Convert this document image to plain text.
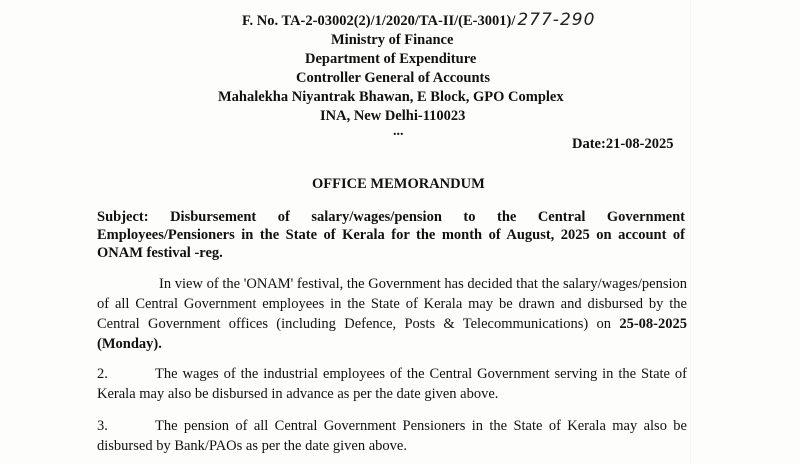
F. No. TA-2-03002(2)/1/2020/TA-II/(E-3001)/ 277-290
Ministry of Finance
Department of Expenditure
Controller General of Accounts
Mahalekha Niyantrak Bhawan, E Block, GPO Complex
INA, New Delhi-110023
...
Date:21-08-2025
OFFICE MEMORANDUM
Subject: Disbursement of salary/wages/pension to the Central Government Employees/Pensioners in the State of Kerala for the month of August, 2025 on account of ONAM festival -reg.
In view of the 'ONAM' festival, the Government has decided that the salary/wages/pension of all Central Government employees in the State of Kerala may be drawn and disbursed by the Central Government offices (including Defence, Posts & Telecommunications) on 25-08-2025 (Monday).
2.	The wages of the industrial employees of the Central Government serving in the State of Kerala may also be disbursed in advance as per the date given above.
3.	The pension of all Central Government Pensioners in the State of Kerala may also be disbursed by Bank/PAOs as per the date given above.
